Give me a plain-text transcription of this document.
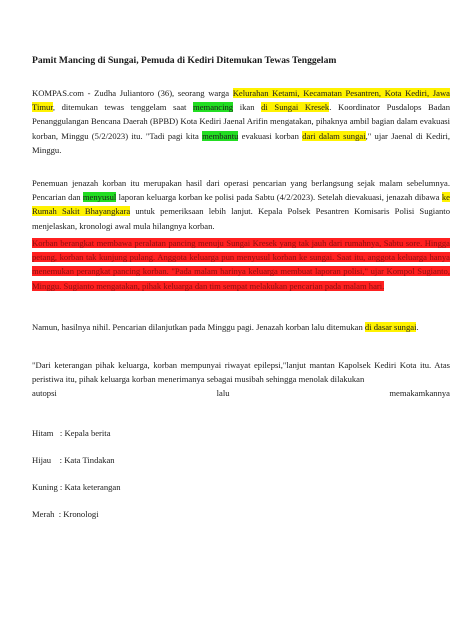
Pamit Mancing di Sungai, Pemuda di Kediri Ditemukan Tewas Tenggelam
KOMPAS.com - Zudha Juliantoro (36), seorang warga Kelurahan Ketami, Kecamatan Pesantren, Kota Kediri, Jawa Timur, ditemukan tewas tenggelam saat memancing ikan di Sungai Kresek. Koordinator Pusdalops Badan Penanggulangan Bencana Daerah (BPBD) Kota Kediri Jaenal Arifin mengatakan, pihaknya ambil bagian dalam evakuasi korban, Minggu (5/2/2023) itu. "Tadi pagi kita membantu evakuasi korban dari dalam sungai," ujar Jaenal di Kediri, Minggu.
Penemuan jenazah korban itu merupakan hasil dari operasi pencarian yang berlangsung sejak malam sebelumnya. Pencarian dan menyusul laporan keluarga korban ke polisi pada Sabtu (4/2/2023). Setelah dievakuasi, jenazah dibawa ke Rumah Sakit Bhayangkara untuk pemeriksaan lebih lanjut. Kepala Polsek Pesantren Komisaris Polisi Sugianto menjelaskan, kronologi awal mula hilangnya korban.
Korban berangkat membawa peralatan pancing menuju Sungai Kresek yang tak jauh dari rumahnya, Sabtu sore. Hingga petang, korban tak kunjung pulang. Anggota keluarga pun menyusul korban ke sungai. Saat itu, anggota keluarga hanya menemukan perangkat pancing korban. "Pada malam harinya keluarga membuat laporan polisi," ujar Kompol Sugianto, Minggu. Sugianto mengatakan, pihak keluarga dan tim sempat melakukan pencarian pada malam hari.
Namun, hasilnya nihil. Pencarian dilanjutkan pada Minggu pagi. Jenazah korban lalu ditemukan di dasar sungai.
"Dari keterangan pihak keluarga, korban mempunyai riwayat epilepsi,"lanjut mantan Kapolsek Kediri Kota itu. Atas peristiwa itu, pihak keluarga korban menerimanya sebagai musibah sehingga menolak dilakukan
autopsi	lalu	memakamkannya
Hitam   : Kepala berita
Hijau    : Kata Tindakan
Kuning : Kata keterangan
Merah  : Kronologi
